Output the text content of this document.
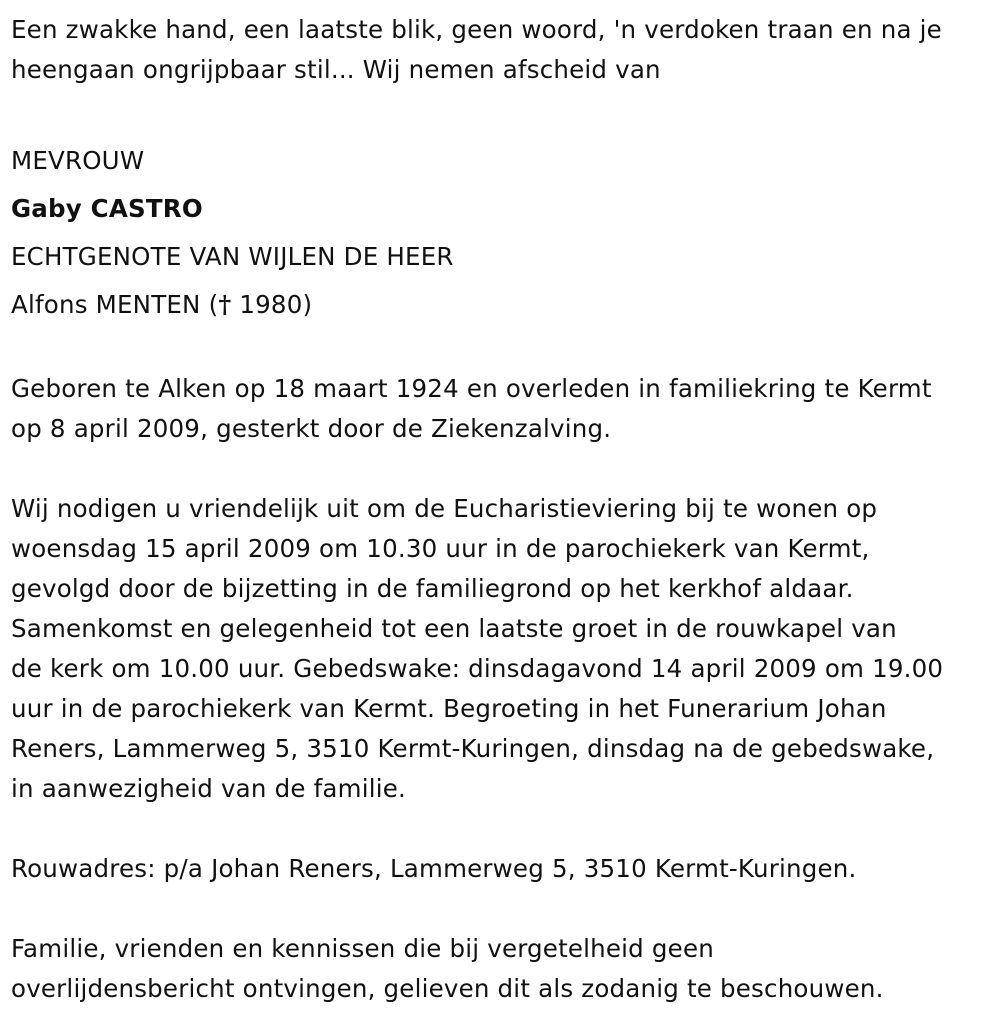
Een zwakke hand, een laatste blik, geen woord, 'n verdoken traan en na je
heengaan ongrijpbaar stil... Wij nemen afscheid van

MEVROUW
Gaby CASTRO
ECHTGENOTE VAN WIJLEN DE HEER
Alfons MENTEN († 1980)

Geboren te Alken op 18 maart 1924 en overleden in familiekring te Kermt
op 8 april 2009, gesterkt door de Ziekenzalving.

Wij nodigen u vriendelijk uit om de Eucharistieviering bij te wonen op
woensdag 15 april 2009 om 10.30 uur in de parochiekerk van Kermt,
gevolgd door de bijzetting in de familiegrond op het kerkhof aldaar.
Samenkomst en gelegenheid tot een laatste groet in de rouwkapel van
de kerk om 10.00 uur. Gebedswake: dinsdagavond 14 april 2009 om 19.00
uur in de parochiekerk van Kermt. Begroeting in het Funerarium Johan
Reners, Lammerweg 5, 3510 Kermt-Kuringen, dinsdag na de gebedswake,
in aanwezigheid van de familie.

Rouwadres: p/a Johan Reners, Lammerweg 5, 3510 Kermt-Kuringen.

Familie, vrienden en kennissen die bij vergetelheid geen
overlijdensbericht ontvingen, gelieven dit als zodanig te beschouwen.
